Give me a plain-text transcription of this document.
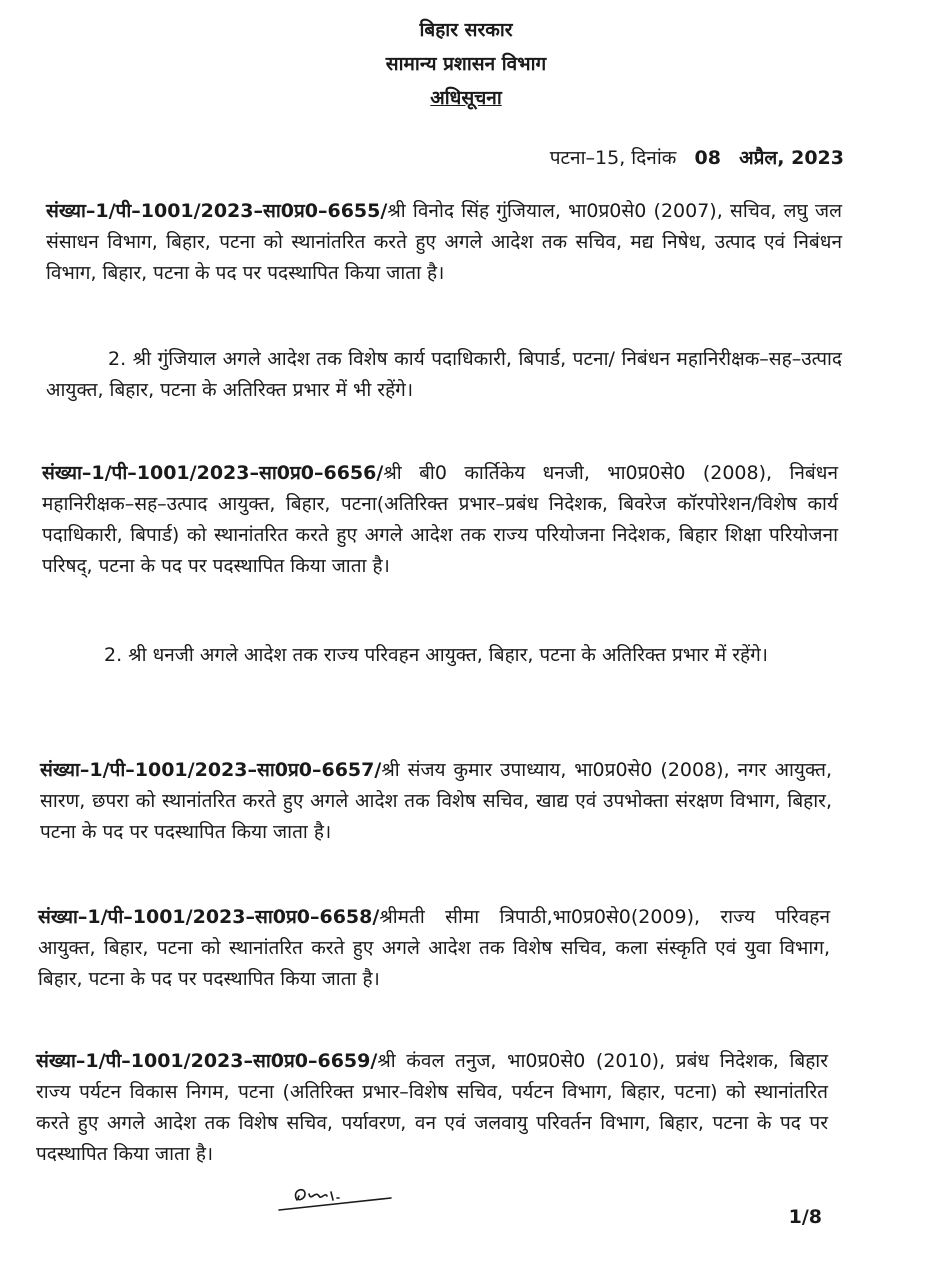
बिहार सरकार
सामान्य प्रशासन विभाग
अधिसूचना
पटना–15, दिनांक 08 अप्रैल, 2023

संख्या–1/पी–1001/2023–सा0प्र0–6655/श्री विनोद सिंह गुंजियाल, भा0प्र0से0 (2007), सचिव, लघु जल संसाधन विभाग, बिहार, पटना को स्थानांतरित करते हुए अगले आदेश तक सचिव, मद्य निषेध, उत्पाद एवं निबंधन विभाग, बिहार, पटना के पद पर पदस्थापित किया जाता है।

2. श्री गुंजियाल अगले आदेश तक विशेष कार्य पदाधिकारी, बिपार्ड, पटना/ निबंधन महानिरीक्षक–सह–उत्पाद आयुक्त, बिहार, पटना के अतिरिक्त प्रभार में भी रहेंगे।

संख्या–1/पी–1001/2023–सा0प्र0–6656/श्री बी0 कार्तिकेय धनजी, भा0प्र0से0 (2008), निबंधन महानिरीक्षक–सह–उत्पाद आयुक्त, बिहार, पटना(अतिरिक्त प्रभार–प्रबंध निदेशक, बिवरेज कॉरपोरेशन/विशेष कार्य पदाधिकारी, बिपार्ड) को स्थानांतरित करते हुए अगले आदेश तक राज्य परियोजना निदेशक, बिहार शिक्षा परियोजना परिषद्, पटना के पद पर पदस्थापित किया जाता है।

2. श्री धनजी अगले आदेश तक राज्य परिवहन आयुक्त, बिहार, पटना के अतिरिक्त प्रभार में रहेंगे।

संख्या–1/पी–1001/2023–सा0प्र0–6657/श्री संजय कुमार उपाध्याय, भा0प्र0से0 (2008), नगर आयुक्त, सारण, छपरा को स्थानांतरित करते हुए अगले आदेश तक विशेष सचिव, खाद्य एवं उपभोक्ता संरक्षण विभाग, बिहार, पटना के पद पर पदस्थापित किया जाता है।

संख्या–1/पी–1001/2023–सा0प्र0–6658/श्रीमती सीमा त्रिपाठी,भा0प्र0से0(2009), राज्य परिवहन आयुक्त, बिहार, पटना को स्थानांतरित करते हुए अगले आदेश तक विशेष सचिव, कला संस्कृति एवं युवा विभाग, बिहार, पटना के पद पर पदस्थापित किया जाता है।

संख्या–1/पी–1001/2023–सा0प्र0–6659/श्री कंवल तनुज, भा0प्र0से0 (2010), प्रबंध निदेशक, बिहार राज्य पर्यटन विकास निगम, पटना (अतिरिक्त प्रभार–विशेष सचिव, पर्यटन विभाग, बिहार, पटना) को स्थानांतरित करते हुए अगले आदेश तक विशेष सचिव, पर्यावरण, वन एवं जलवायु परिवर्तन विभाग, बिहार, पटना के पद पर पदस्थापित किया जाता है।

1/8
